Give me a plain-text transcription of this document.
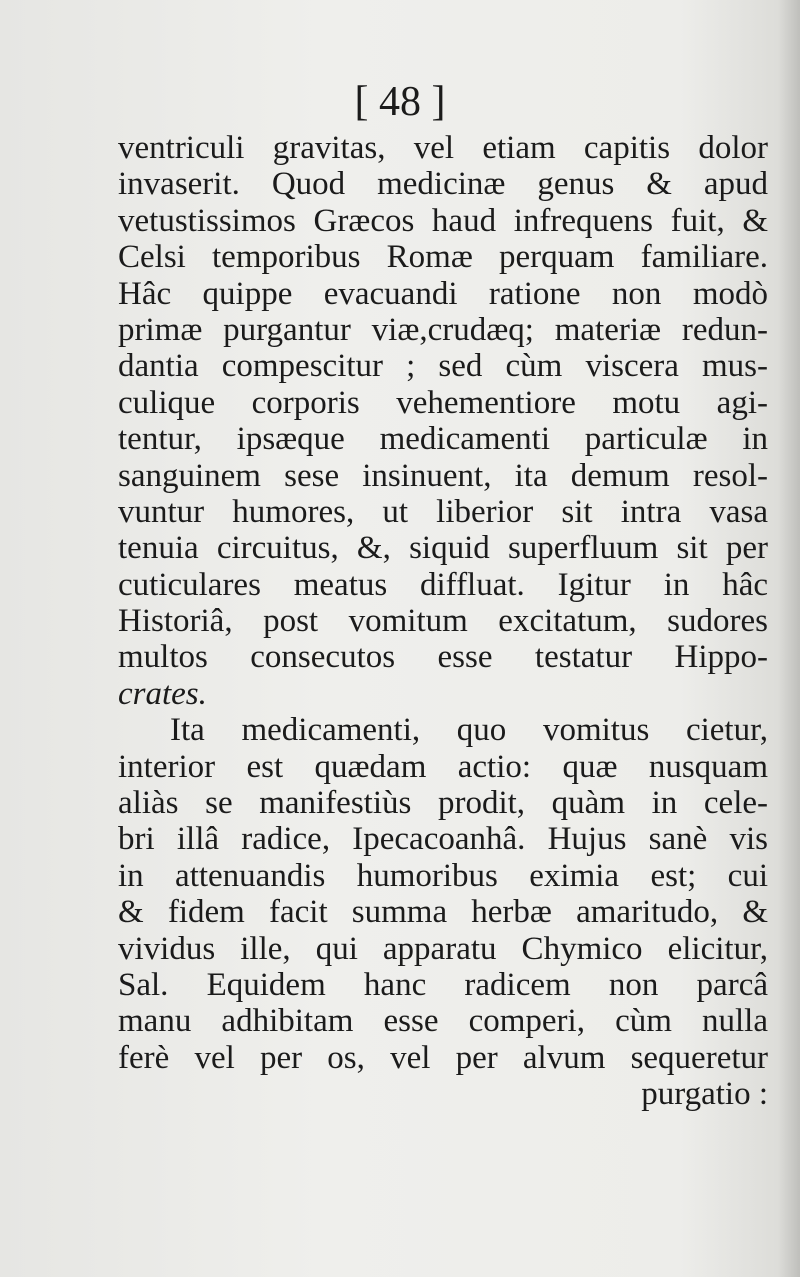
[ 48 ]
ventriculi gravitas, vel etiam capitis dolor
invaserit. Quod medicinæ genus & apud
vetustissimos Græcos haud infrequens fuit, &
Celsi temporibus Romæ perquam familiare.
Hâc quippe evacuandi ratione non modò
primæ purgantur viæ,crudæq; materiæ redun-
dantia compescitur ; sed cùm viscera mus-
culique corporis vehementiore motu agi-
tentur, ipsæque medicamenti particulæ in
sanguinem sese insinuent, ita demum resol-
vuntur humores, ut liberior sit intra vasa
tenuia circuitus, &, siquid superfluum sit per
cuticulares meatus diffluat. Igitur in hâc
Historiâ, post vomitum excitatum, sudores
multos consecutos esse testatur Hippo-
crates.
Ita medicamenti, quo vomitus cietur,
interior est quædam actio: quæ nusquam
aliàs se manifestiùs prodit, quàm in cele-
bri illâ radice, Ipecacoanhâ. Hujus sanè vis
in attenuandis humoribus eximia est; cui
& fidem facit summa herbæ amaritudo, &
vividus ille, qui apparatu Chymico elicitur,
Sal. Equidem hanc radicem non parcâ
manu adhibitam esse comperi, cùm nulla
ferè vel per os, vel per alvum sequeretur
purgatio :
